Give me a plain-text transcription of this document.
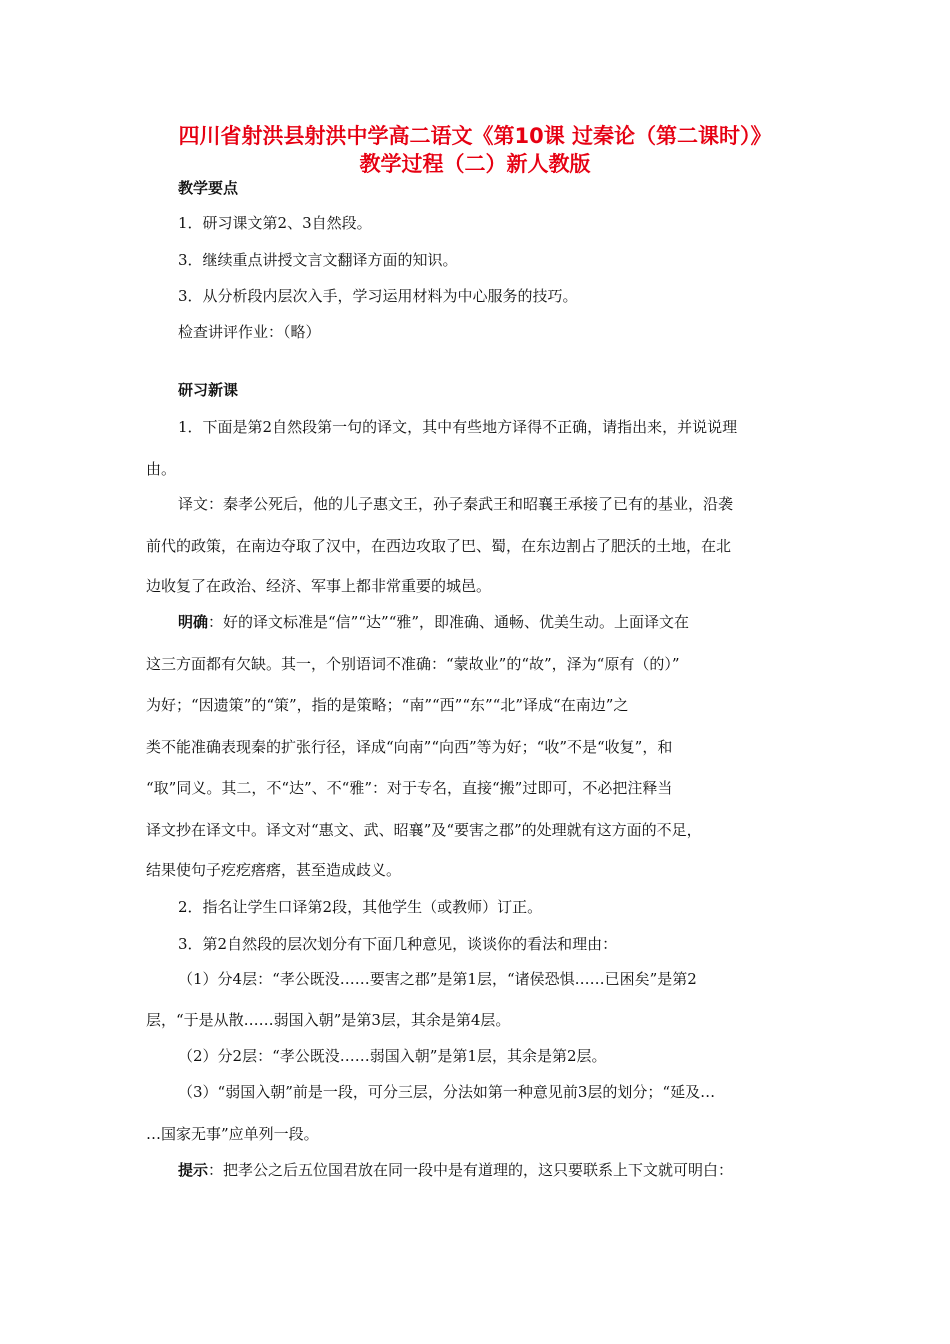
四川省射洪县射洪中学高二语文《第10课 过秦论（第二课时）》
教学过程（二）新人教版

教学要点

1．研习课文第2、3自然段。

3．继续重点讲授文言文翻译方面的知识。

3．从分析段内层次入手，学习运用材料为中心服务的技巧。

检查讲评作业：（略）

研习新课

1．下面是第2自然段第一句的译文，其中有些地方译得不正确，请指出来，并说说理

由。

译文：秦孝公死后，他的儿子惠文王，孙子秦武王和昭襄王承接了已有的基业，沿袭

前代的政策，在南边夺取了汉中，在西边攻取了巴、蜀，在东边割占了肥沃的土地，在北

边收复了在政治、经济、军事上都非常重要的城邑。

明确：好的译文标准是“信”“达”“雅”，即准确、通畅、优美生动。上面译文在

这三方面都有欠缺。其一，个别语词不准确：“蒙故业”的“故”，泽为“原有（的）”

为好；“因遗策”的“策”，指的是策略；“南”“西”“东”“北”译成“在南边”之

类不能准确表现秦的扩张行径，译成“向南”“向西”等为好；“收”不是“收复”，和

“取”同义。其二，不“达”、不“雅”：对于专名，直接“搬”过即可，不必把注释当

译文抄在译文中。译文对“惠文、武、昭襄”及“要害之郡”的处理就有这方面的不足，

结果使句子疙疙瘩瘩，甚至造成歧义。

2．指名让学生口译第2段，其他学生（或教师）订正。

3．第2自然段的层次划分有下面几种意见，谈谈你的看法和理由：

（1）分4层：“孝公既没……要害之郡”是第1层，“诸侯恐惧……已困矣”是第2

层，“于是从散……弱国入朝”是第3层，其余是第4层。

（2）分2层：“孝公既没……弱国入朝”是第1层，其余是第2层。

（3）“弱国入朝”前是一段，可分三层，分法如第一种意见前3层的划分；“延及…

…国家无事”应单列一段。

提示：把孝公之后五位国君放在同一段中是有道理的，这只要联系上下文就可明白：
